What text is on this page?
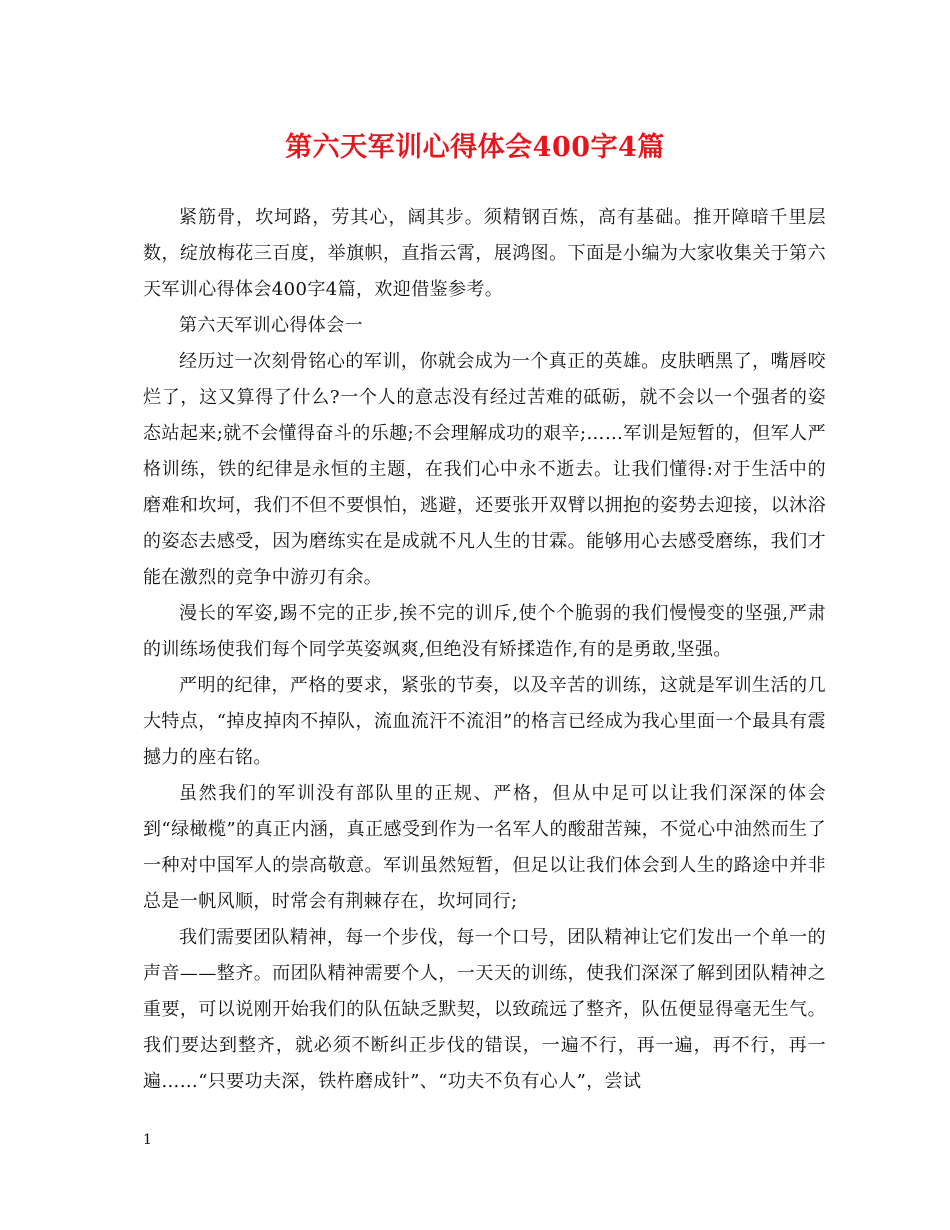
第六天军训心得体会400字4篇

紧筋骨，坎坷路，劳其心，阔其步。须精钢百炼，高有基础。推开障暗千里层数，绽放梅花三百度，举旗帜，直指云霄，展鸿图。下面是小编为大家收集关于第六天军训心得体会400字4篇，欢迎借鉴参考。

第六天军训心得体会一

经历过一次刻骨铭心的军训，你就会成为一个真正的英雄。皮肤晒黑了，嘴唇咬烂了，这又算得了什么?一个人的意志没有经过苦难的砥砺，就不会以一个强者的姿态站起来;就不会懂得奋斗的乐趣;不会理解成功的艰辛;……军训是短暂的，但军人严格训练，铁的纪律是永恒的主题，在我们心中永不逝去。让我们懂得:对于生活中的磨难和坎坷，我们不但不要惧怕，逃避，还要张开双臂以拥抱的姿势去迎接，以沐浴的姿态去感受，因为磨练实在是成就不凡人生的甘霖。能够用心去感受磨练，我们才能在激烈的竞争中游刃有余。

漫长的军姿,踢不完的正步,挨不完的训斥,使个个脆弱的我们慢慢变的坚强,严肃的训练场使我们每个同学英姿飒爽,但绝没有矫揉造作,有的是勇敢,坚强。

严明的纪律，严格的要求，紧张的节奏，以及辛苦的训练，这就是军训生活的几大特点，“掉皮掉肉不掉队，流血流汗不流泪”的格言已经成为我心里面一个最具有震撼力的座右铭。

虽然我们的军训没有部队里的正规、严格，但从中足可以让我们深深的体会到“绿橄榄”的真正内涵，真正感受到作为一名军人的酸甜苦辣，不觉心中油然而生了一种对中国军人的崇高敬意。军训虽然短暂，但足以让我们体会到人生的路途中并非总是一帆风顺，时常会有荆棘存在，坎坷同行;

我们需要团队精神，每一个步伐，每一个口号，团队精神让它们发出一个单一的声音——整齐。而团队精神需要个人，一天天的训练，使我们深深了解到团队精神之重要，可以说刚开始我们的队伍缺乏默契，以致疏远了整齐，队伍便显得毫无生气。我们要达到整齐，就必须不断纠正步伐的错误，一遍不行，再一遍，再不行，再一遍……“只要功夫深，铁杵磨成针”、“功夫不负有心人”，尝试

1
